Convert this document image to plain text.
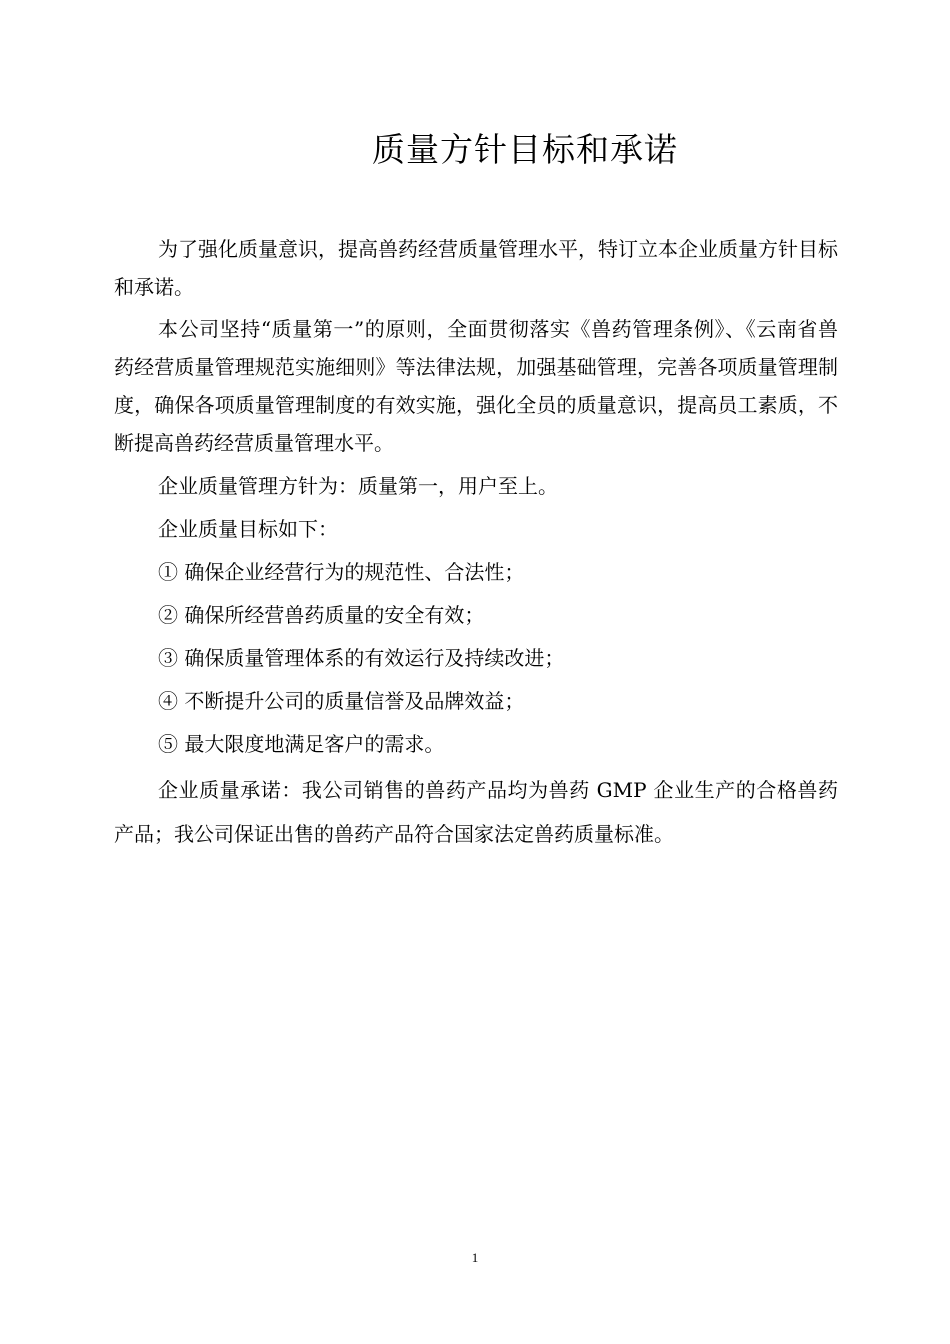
质量方针目标和承诺

为了强化质量意识，提高兽药经营质量管理水平，特订立本企业质量方针目标和承诺。

本公司坚持“质量第一”的原则，全面贯彻落实《兽药管理条例》、《云南省兽药经营质量管理规范实施细则》等法律法规，加强基础管理，完善各项质量管理制度，确保各项质量管理制度的有效实施，强化全员的质量意识，提高员工素质，不断提高兽药经营质量管理水平。

企业质量管理方针为：质量第一，用户至上。

企业质量目标如下：

① 确保企业经营行为的规范性、合法性；

② 确保所经营兽药质量的安全有效；

③ 确保质量管理体系的有效运行及持续改进；

④ 不断提升公司的质量信誉及品牌效益；

⑤ 最大限度地满足客户的需求。

企业质量承诺：我公司销售的兽药产品均为兽药 GMP 企业生产的合格兽药产品；我公司保证出售的兽药产品符合国家法定兽药质量标准。

1
